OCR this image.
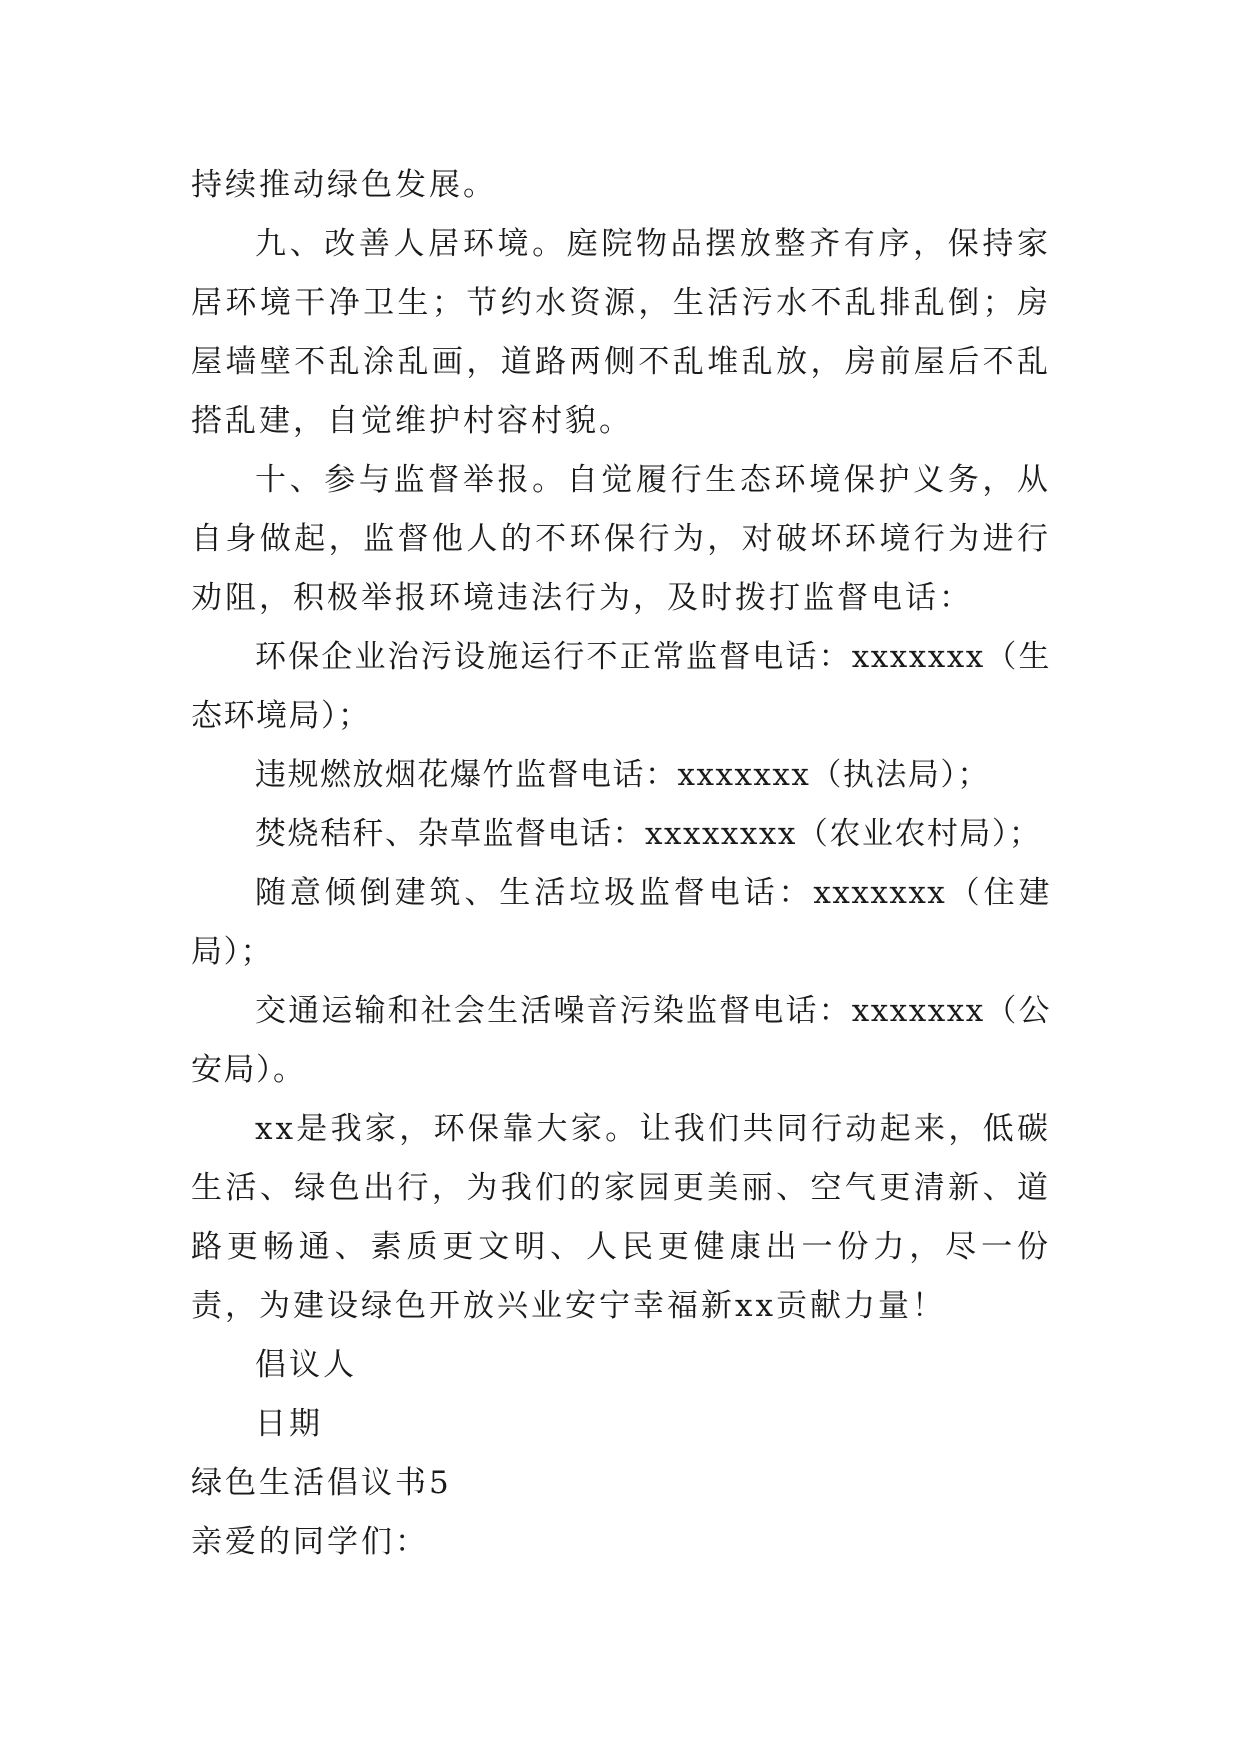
持续推动绿色发展。

九、改善人居环境。庭院物品摆放整齐有序，保持家居环境干净卫生；节约水资源，生活污水不乱排乱倒；房屋墙壁不乱涂乱画，道路两侧不乱堆乱放，房前屋后不乱搭乱建，自觉维护村容村貌。

十、参与监督举报。自觉履行生态环境保护义务，从自身做起，监督他人的不环保行为，对破坏环境行为进行劝阻，积极举报环境违法行为，及时拨打监督电话：

环保企业治污设施运行不正常监督电话：xxxxxxx（生态环境局）；

违规燃放烟花爆竹监督电话：xxxxxxx（执法局）；

焚烧秸秆、杂草监督电话：xxxxxxxx（农业农村局）；

随意倾倒建筑、生活垃圾监督电话：xxxxxxx（住建局）；

交通运输和社会生活噪音污染监督电话：xxxxxxx（公安局）。

xx是我家，环保靠大家。让我们共同行动起来，低碳生活、绿色出行，为我们的家园更美丽、空气更清新、道路更畅通、素质更文明、人民更健康出一份力，尽一份责，为建设绿色开放兴业安宁幸福新xx贡献力量！

倡议人

日期

绿色生活倡议书5

亲爱的同学们：
